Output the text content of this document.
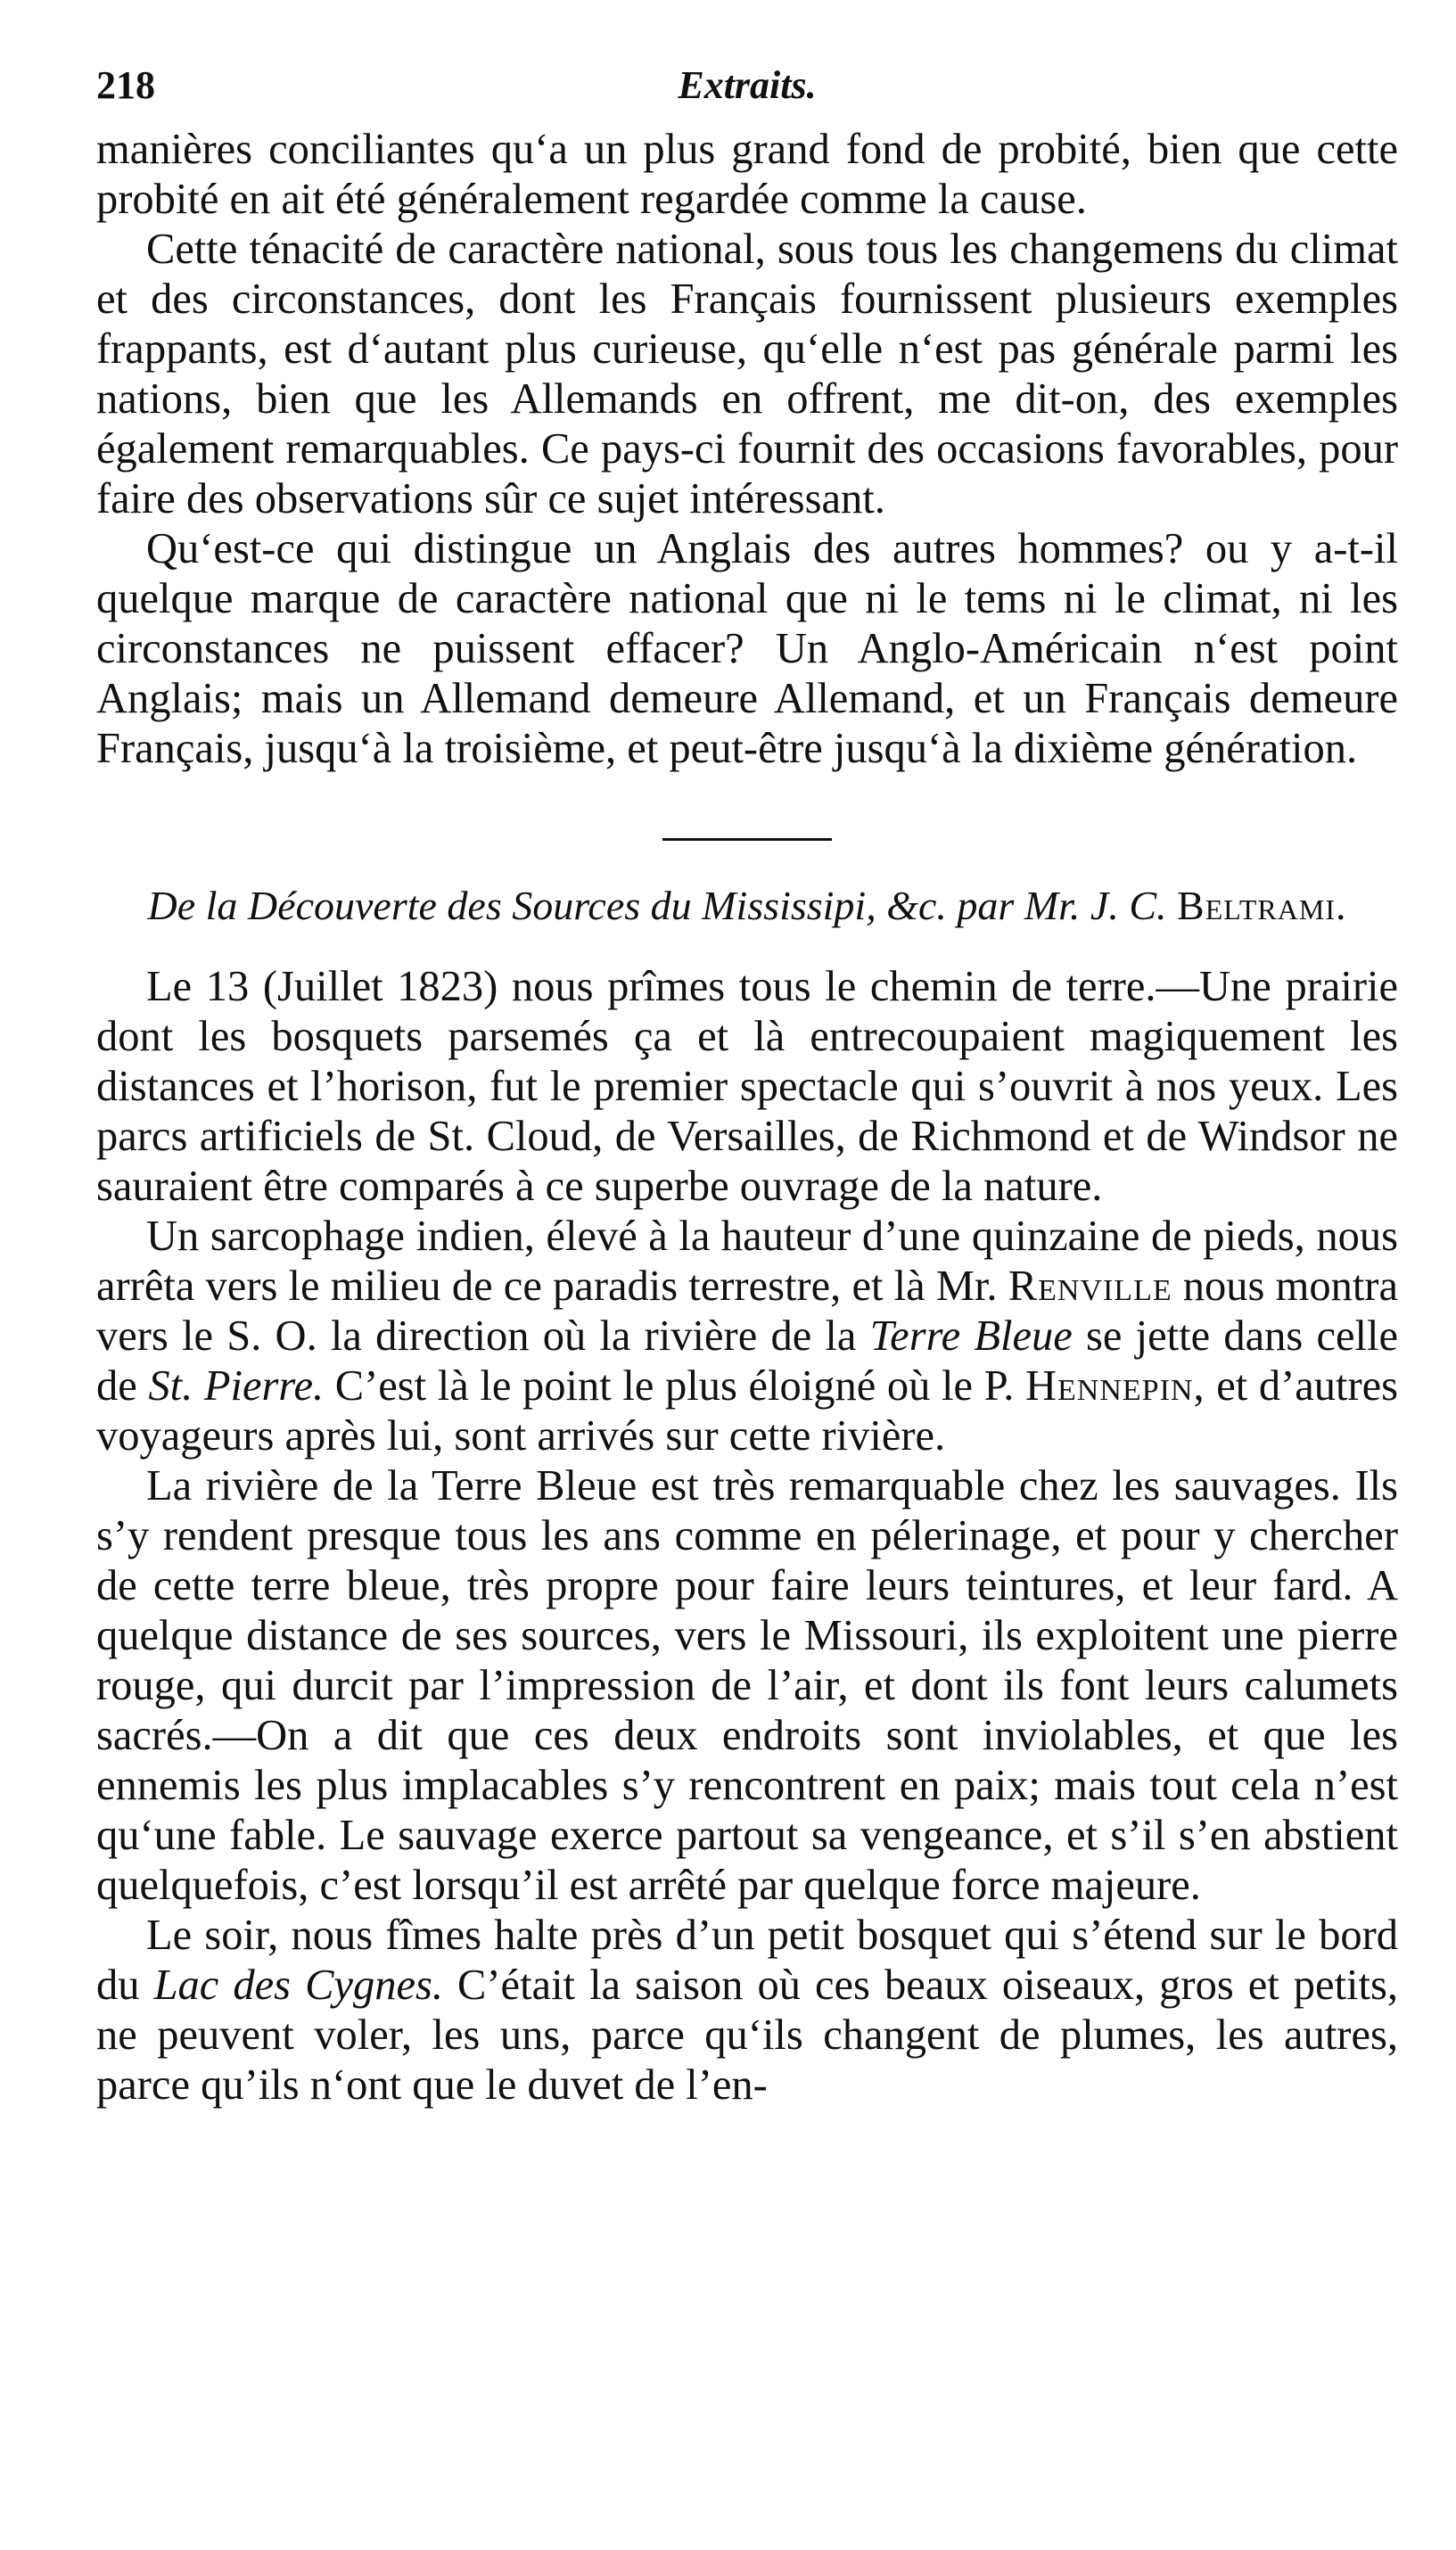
218	Extraits.

manières conciliantes qu‘a un plus grand fond de probité, bien que cette probité en ait été généralement regardée comme la cause.

Cette ténacité de caractère national, sous tous les changemens du climat et des circonstances, dont les Français fournissent plusieurs exemples frappants, est d‘autant plus curieuse, qu‘elle n‘est pas générale parmi les nations, bien que les Allemands en offrent, me dit-on, des exemples également remarquables. Ce pays-ci fournit des occasions favorables, pour faire des observations sûr ce sujet intéressant.

Qu‘est-ce qui distingue un Anglais des autres hommes? ou y a-t-il quelque marque de caractère national que ni le tems ni le climat, ni les circonstances ne puissent effacer? Un Anglo-Américain n‘est point Anglais; mais un Allemand demeure Allemand, et un Français demeure Français, jusqu‘à la troisième, et peut-être jusqu‘à la dixième génération.

De la Découverte des Sources du Mississipi, &c. par Mr. J. C. Beltrami.

Le 13 (Juillet 1823) nous prîmes tous le chemin de terre.—Une prairie dont les bosquets parsemés ça et là entrecoupaient magiquement les distances et l’horison, fut le premier spectacle qui s’ouvrit à nos yeux. Les parcs artificiels de St. Cloud, de Versailles, de Richmond et de Windsor ne sauraient être comparés à ce superbe ouvrage de la nature.

Un sarcophage indien, élevé à la hauteur d’une quinzaine de pieds, nous arrêta vers le milieu de ce paradis terrestre, et là Mr. Renville nous montra vers le S. O. la direction où la rivière de la Terre Bleue se jette dans celle de St. Pierre. C’est là le point le plus éloigné où le P. Hennepin, et d’autres voyageurs après lui, sont arrivés sur cette rivière.

La rivière de la Terre Bleue est très remarquable chez les sauvages. Ils s’y rendent presque tous les ans comme en pélerinage, et pour y chercher de cette terre bleue, très propre pour faire leurs teintures, et leur fard. A quelque distance de ses sources, vers le Missouri, ils exploitent une pierre rouge, qui durcit par l’impression de l’air, et dont ils font leurs calumets sacrés.—On a dit que ces deux endroits sont inviolables, et que les ennemis les plus implacables s’y rencontrent en paix; mais tout cela n’est qu‘une fable. Le sauvage exerce partout sa vengeance, et s’il s’en abstient quelquefois, c’est lorsqu’il est arrêté par quelque force majeure.

Le soir, nous fîmes halte près d’un petit bosquet qui s’étend sur le bord du Lac des Cygnes. C’était la saison où ces beaux oiseaux, gros et petits, ne peuvent voler, les uns, parce qu‘ils changent de plumes, les autres, parce qu’ils n‘ont que le duvet de l’en-
